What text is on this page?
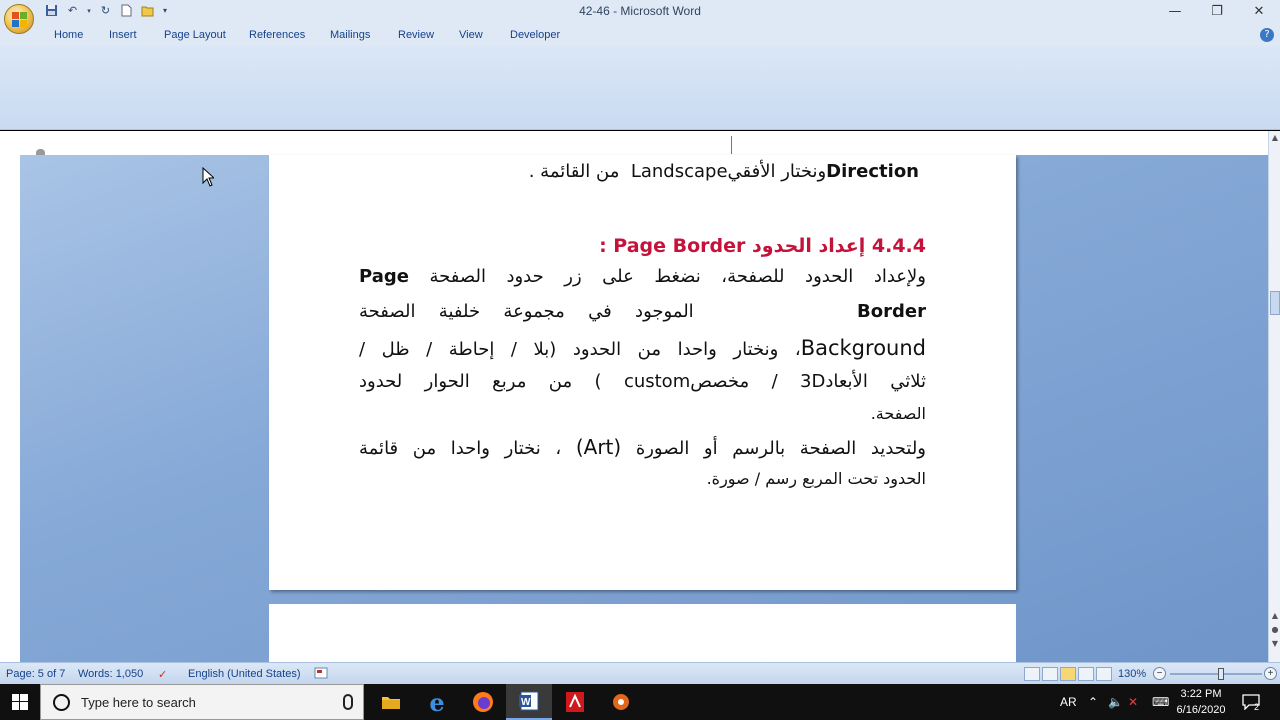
↶	▾ ↻	▾	42-46 - Microsoft Word	—	❐	✕
Home Insert Page Layout References Mailings	Review View Developer	?
Directionونختار الأفقي‎ Landscape من القائمة .
4.4.4 إعداد الحدود Page Border :
ولإعداد الحدود للصفحة، نضغط على زر حدود الصفحة Page
Border       الموجود في مجموعة خلفية الصفحة
Background، ونختار واحدا من الحدود (بلا / إحاطة / ظل /
ثلاثي الأبعاد3D / مخصصcustom ) من مربع الحوار لحدود
الصفحة.
ولتحديد الصفحة بالرسم أو الصورة (Art) ، نختار واحدا من قائمة
الحدود تحت المربع رسم / صورة.
▲
▲
●
▼
Page: 5 of 7 Words: 1,050 ✓ English (United States)	130%	−	+
Type here to search	e	W	AR ⌃ 🔈 ✕ ⌨
3:22 PM
6/16/2020	2
